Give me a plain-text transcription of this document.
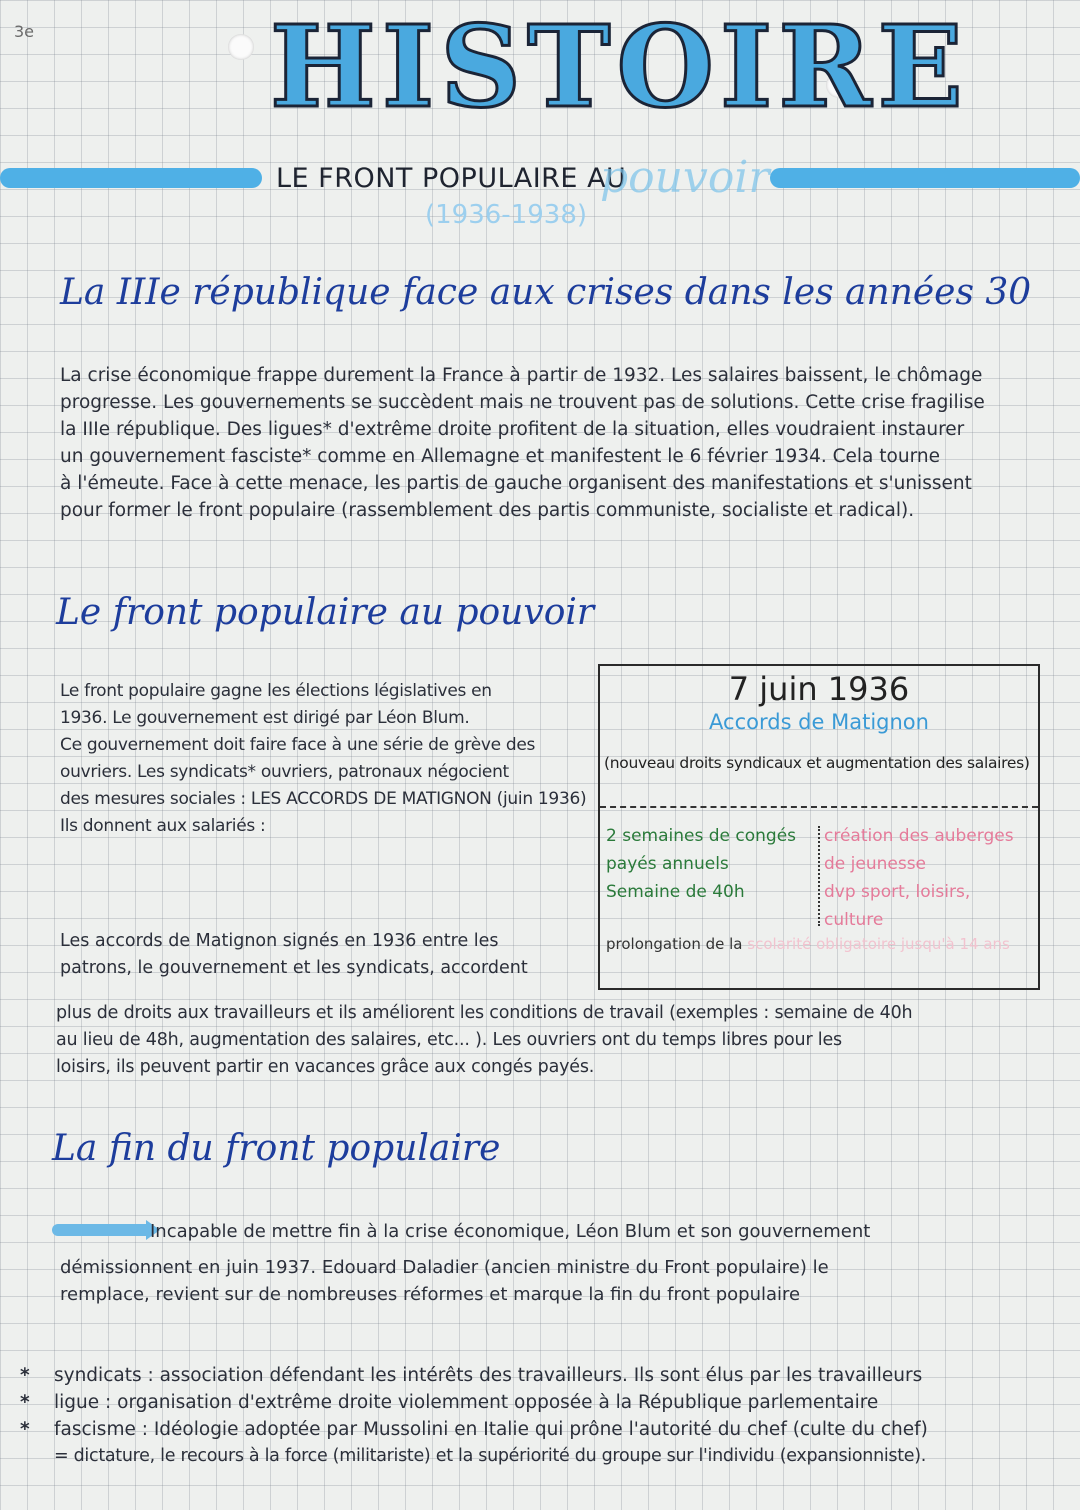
3e HISTOIRE
LE FRONT POPULAIRE AU
pouvoir
(1936-1938)
La IIIe république face aux crises dans les années 30
La crise économique frappe durement la France à partir de 1932. Les salaires baissent, le chômage
progresse. Les gouvernements se succèdent mais ne trouvent pas de solutions. Cette crise fragilise
la IIIe république. Des ligues* d'extrême droite profitent de la situation, elles voudraient instaurer
un gouvernement fasciste* comme en Allemagne et manifestent le 6 février 1934. Cela tourne
à l'émeute. Face à cette menace, les partis de gauche organisent des manifestations et s'unissent
pour former le front populaire (rassemblement des partis communiste, socialiste et radical).
Le front populaire au pouvoir
Le front populaire gagne les élections législatives en
1936. Le gouvernement est dirigé par Léon Blum.
Ce gouvernement doit faire face à une série de grève des
ouvriers. Les syndicats* ouvriers, patronaux négocient
des mesures sociales : LES ACCORDS DE MATIGNON (juin 1936)
Ils donnent aux salariés :
7 juin 1936
Accords de Matignon
(nouveau droits syndicaux et augmentation des salaires)
2 semaines de congés
payés annuels
Semaine de 40h
création des auberges
de jeunesse
dvp sport, loisirs, culture
prolongation de la scolarité obligatoire jusqu'à 14 ans
Les accords de Matignon signés en 1936 entre les
patrons, le gouvernement et les syndicats, accordent
plus de droits aux travailleurs et ils améliorent les conditions de travail (exemples : semaine de 40h
au lieu de 48h, augmentation des salaires, etc... ). Les ouvriers ont du temps libres pour les
loisirs, ils peuvent partir en vacances grâce aux congés payés.
La fin du front populaire
Incapable de mettre fin à la crise économique, Léon Blum et son gouvernement
démissionnent en juin 1937. Edouard Daladier (ancien ministre du Front populaire) le
remplace, revient sur de nombreuses réformes et marque la fin du front populaire
* syndicats : association défendant les intérêts des travailleurs. Ils sont élus par les travailleurs
* ligue : organisation d'extrême droite violemment opposée à la République parlementaire
* fascisme : Idéologie adoptée par Mussolini en Italie qui prône l'autorité du chef (culte du chef)
= dictature, le recours à la force (militariste) et la supériorité du groupe sur l'individu (expansionniste).
